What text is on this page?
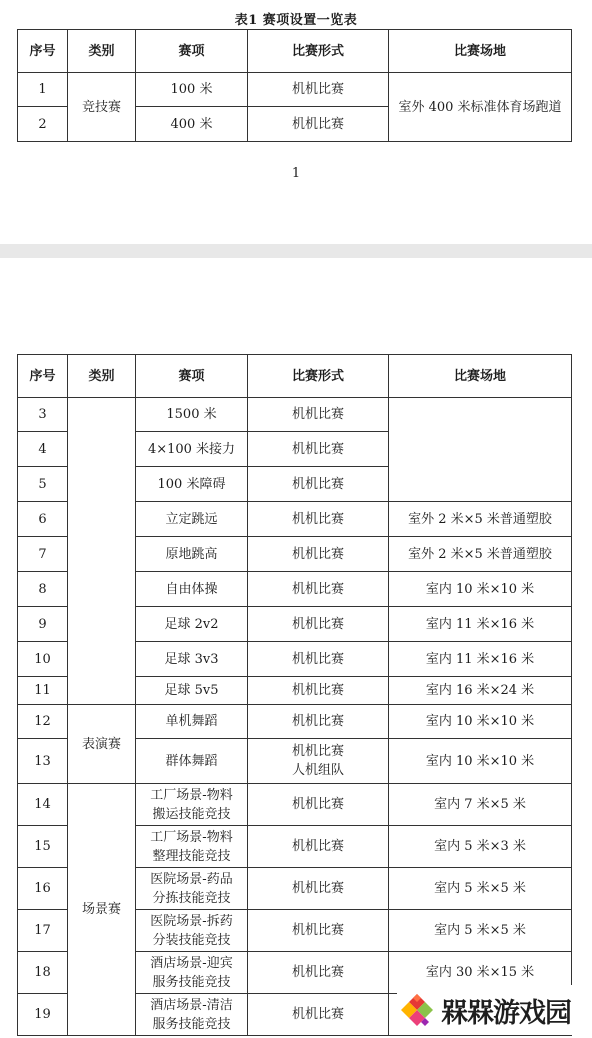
表1 赛项设置一览表
序号	类别	赛项	比赛形式	比赛场地
1	竞技赛	100 米	机机比赛	室外 400 米标准体育场跑道
2		400 米	机机比赛	
1
序号	类别	赛项	比赛形式	比赛场地
3		1500 米	机机比赛	
4		4×100 米接力	机机比赛	
5		100 米障碍	机机比赛	
6		立定跳远	机机比赛	室外 2 米×5 米普通塑胶
7		原地跳高	机机比赛	室外 2 米×5 米普通塑胶
8		自由体操	机机比赛	室内 10 米×10 米
9		足球 2v2	机机比赛	室内 11 米×16 米
10		足球 3v3	机机比赛	室内 11 米×16 米
11		足球 5v5	机机比赛	室内 16 米×24 米
12	表演赛	单机舞蹈	机机比赛	室内 10 米×10 米
13		群体舞蹈	机机比赛
人机组队	室内 10 米×10 米
14	场景赛	工厂场景-物料
搬运技能竞技	机机比赛	室内 7 米×5 米
15		工厂场景-物料
整理技能竞技	机机比赛	室内 5 米×3 米
16		医院场景-药品
分拣技能竞技	机机比赛	室内 5 米×5 米
17		医院场景-拆药
分装技能竞技	机机比赛	室内 5 米×5 米
18		酒店场景-迎宾
服务技能竞技	机机比赛	室内 30 米×15 米
19		酒店场景-清洁
服务技能竞技	机机比赛		槑槑游戏园
